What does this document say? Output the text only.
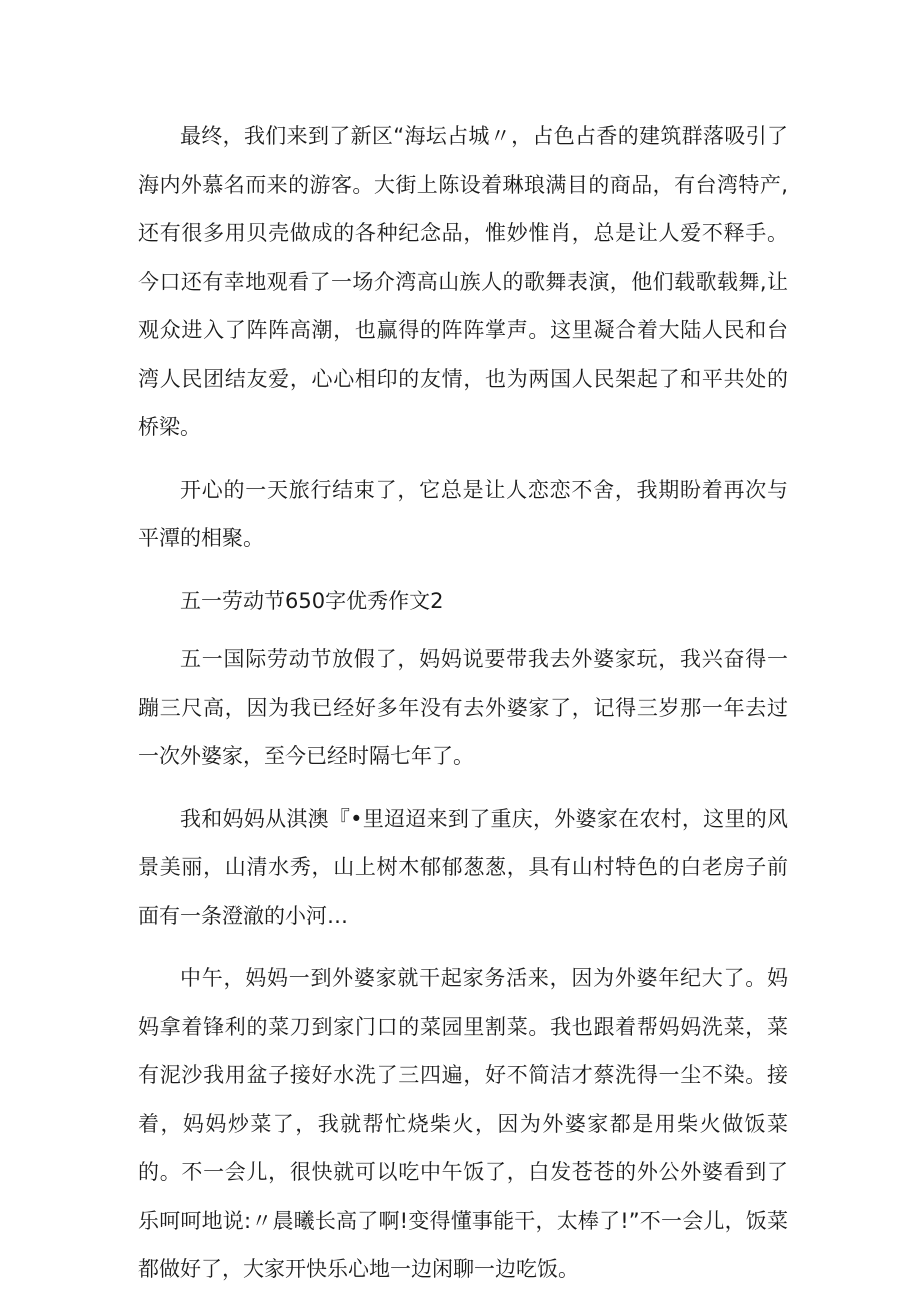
最终，我们来到了新区“海坛占城〃，占色占香的建筑群落吸引了海内外慕名而来的游客。大街上陈设着琳琅满目的商品，有台湾特产,还有很多用贝壳做成的各种纪念品，惟妙惟肖，总是让人爱不释手。今口还有幸地观看了一场介湾高山族人的歌舞表演，他们载歌载舞,让观众进入了阵阵高潮，也赢得的阵阵掌声。这里凝合着大陆人民和台湾人民团结友爱，心心相印的友情，也为两国人民架起了和平共处的桥梁。

开心的一天旅行结束了，它总是让人恋恋不舍，我期盼着再次与平潭的相聚。

五一劳动节650字优秀作文2

五一国际劳动节放假了，妈妈说要带我去外婆家玩，我兴奋得一蹦三尺高，因为我已经好多年没有去外婆家了，记得三岁那一年去过一次外婆家，至今已经时隔七年了。

我和妈妈从淇澳『•里迢迢来到了重庆，外婆家在农村，这里的风景美丽，山清水秀，山上树木郁郁葱葱，具有山村特色的白老房子前面有一条澄澈的小河…

中午，妈妈一到外婆家就干起家务活来，因为外婆年纪大了。妈妈拿着锋利的菜刀到家门口的菜园里割菜。我也跟着帮妈妈洗菜，菜有泥沙我用盆子接好水洗了三四遍，好不简洁才蔡洗得一尘不染。接着，妈妈炒菜了，我就帮忙烧柴火，因为外婆家都是用柴火做饭菜的。不一会儿，很快就可以吃中午饭了，白发苍苍的外公外婆看到了乐呵呵地说:〃晨曦长高了啊!变得懂事能干，太棒了!”不一会儿，饭菜都做好了，大家开快乐心地一边闲聊一边吃饭。
